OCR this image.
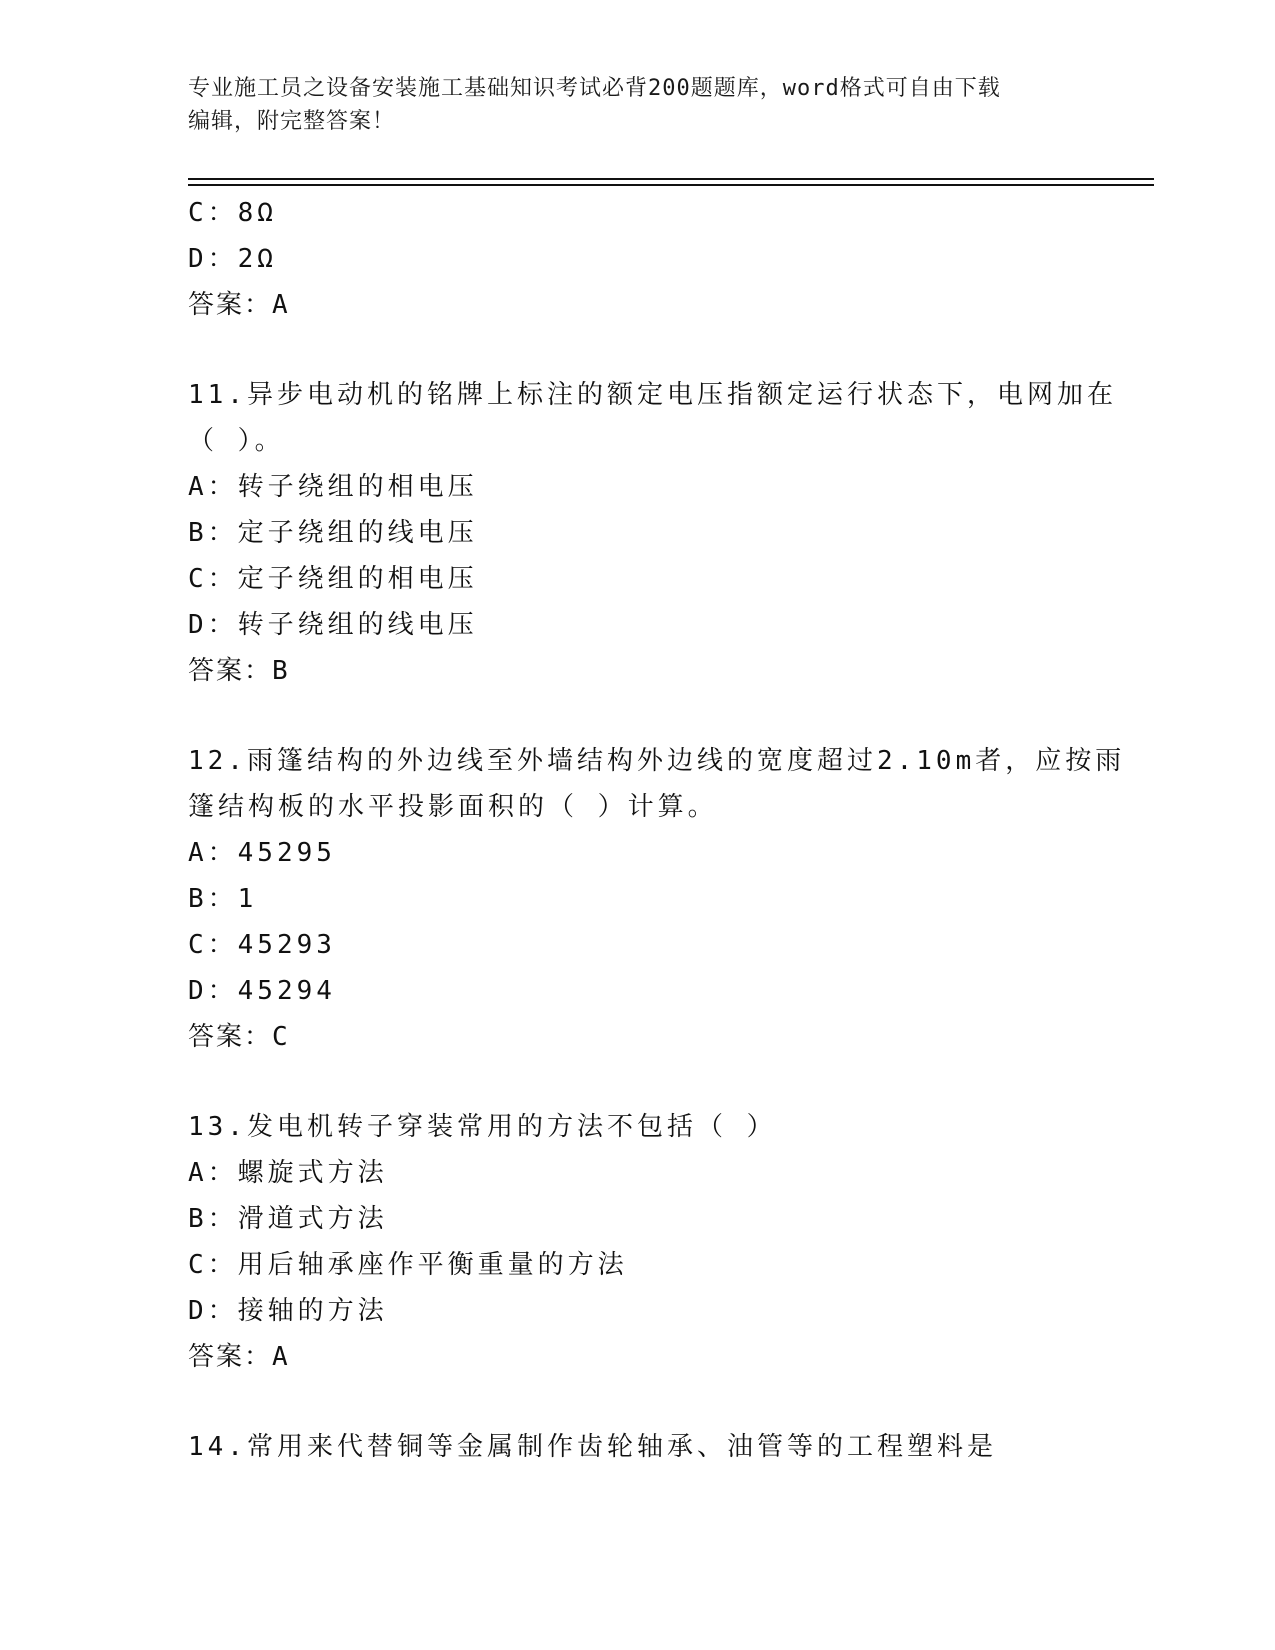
专业施工员之设备安装施工基础知识考试必背200题题库，word格式可自由下载
编辑，附完整答案！
C：8Ω
D：2Ω
答案：A
11.异步电动机的铭牌上标注的额定电压指额定运行状态下，电网加在
（ ）。
A：转子绕组的相电压
B：定子绕组的线电压
C：定子绕组的相电压
D：转子绕组的线电压
答案：B
12.雨篷结构的外边线至外墙结构外边线的宽度超过2.10m者，应按雨
篷结构板的水平投影面积的（ ）计算。
A：45295
B：1
C：45293
D：45294
答案：C
13.发电机转子穿装常用的方法不包括（ ）
A：螺旋式方法
B：滑道式方法
C：用后轴承座作平衡重量的方法
D：接轴的方法
答案：A
14.常用来代替铜等金属制作齿轮轴承、油管等的工程塑料是
